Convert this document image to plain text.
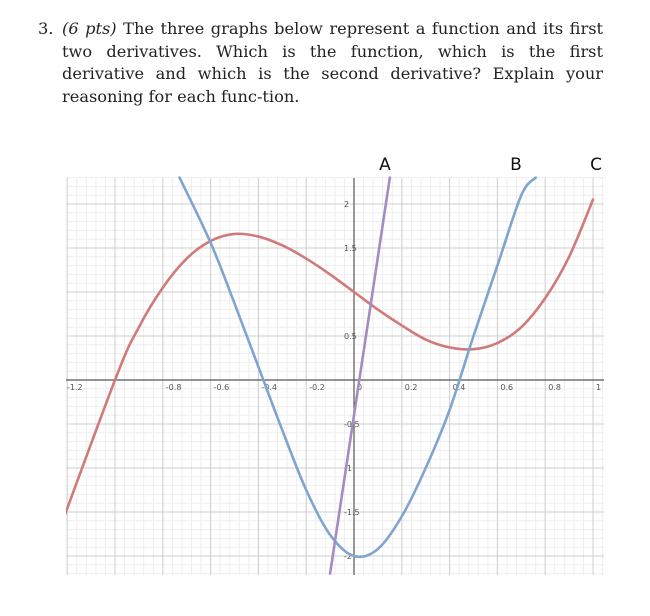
3. (6 pts) The three graphs below represent a function and its first two derivatives. Which is the function, which is the first derivative and which is the second derivative? Explain your reasoning for each func-tion.
-1.2	-0.8	-0.6	-0.4	-0.2	0	0.2	0.4	0.6	0.8	1
2
1.5
0.5
-0.5
-1
-1.5
-2
C
B
A
